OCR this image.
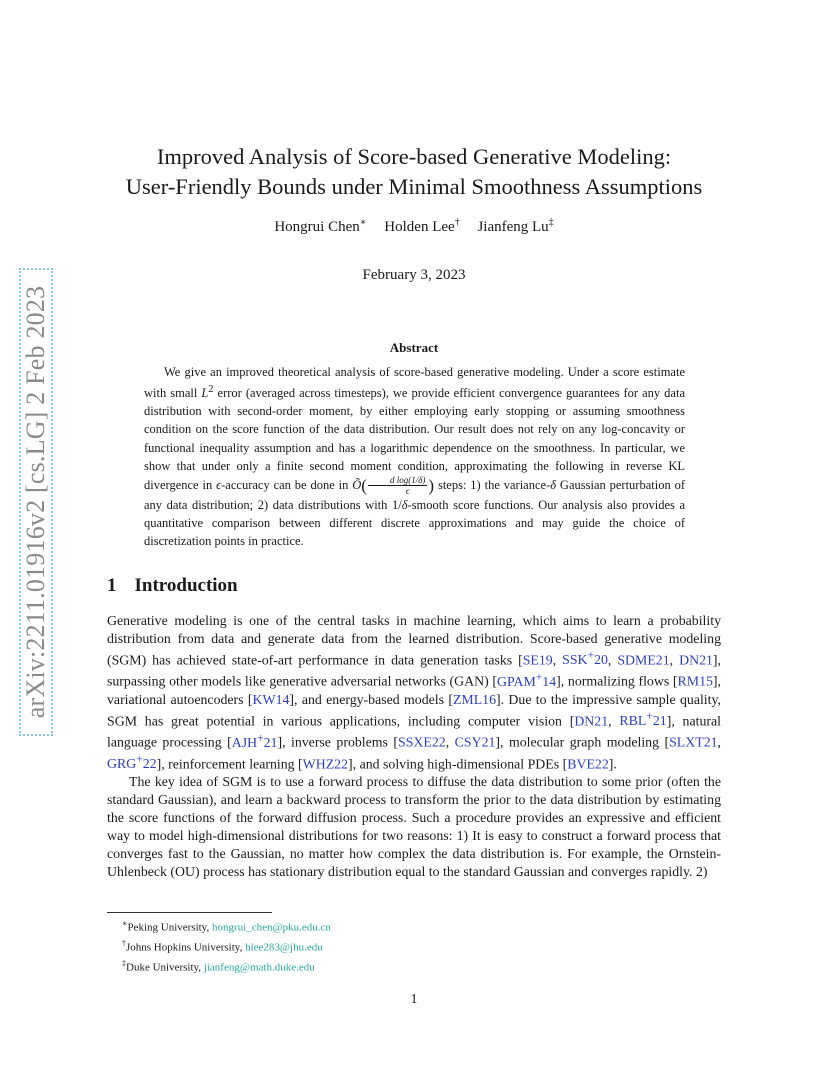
arXiv:2211.01916v2 [cs.LG] 2 Feb 2023
Improved Analysis of Score-based Generative Modeling:
User-Friendly Bounds under Minimal Smoothness Assumptions
Hongrui Chen∗ Holden Lee† Jianfeng Lu‡
February 3, 2023
Abstract

We give an improved theoretical analysis of score-based generative modeling. Under a score estimate with small $L^2$ error (averaged across timesteps), we provide efficient convergence guarantees for any data distribution with second-order moment, by either employing early stopping or assuming smoothness condition on the score function of the data distribution. Our result does not rely on any log-concavity or functional inequality assumption and has a logarithmic dependence on the smoothness. In particular, we show that under only a finite second moment condition, approximating the following in reverse KL divergence in ϵ-accuracy can be done in Õ( $\frac{\text{d log(1/δ)}}{\epsilon}$ ) steps: 1) the variance-δ Gaussian perturbation of any data distribution; 2) data distributions with 1/δ-smooth score functions. Our analysis also provides a quantitative comparison between different discrete approximations and may guide the choice of discretization points in practice.

1 Introduction

Generative modeling is one of the central tasks in machine learning, which aims to learn a probability distribution from data and generate data from the learned distribution. Score-based generative modeling (SGM) has achieved state-of-art performance in data generation tasks [SE19, SSK+20, SDME21, DN21], surpassing other models like generative adversarial networks (GAN) [GPAM+14], normalizing flows [RM15], variational autoencoders [KW14], and energy-based models [ZML16]. Due to the impressive sample quality, SGM has great potential in various applications, including computer vision [DN21, RBL+21], natural language processing [AJH+21], inverse problems [SSXE22, CSY21], molecular graph modeling [SLXT21, GRG+22], reinforcement learning [WHZ22], and solving high-dimensional PDEs [BVE22].

The key idea of SGM is to use a forward process to diffuse the data distribution to some prior (often the standard Gaussian), and learn a backward process to transform the prior to the data distribution by estimating the score functions of the forward diffusion process. Such a procedure provides an expressive and efficient way to model high-dimensional distributions for two reasons: 1) It is easy to construct a forward process that converges fast to the Gaussian, no matter how complex the data distribution is. For example, the Ornstein-Uhlenbeck (OU) process has stationary distribution equal to the standard Gaussian and converges rapidly. 2)

∗Peking University, hongrui_chen@pku.edu.cn
†Johns Hopkins University, hlee283@jhu.edu
‡Duke University, jianfeng@math.duke.edu
1
